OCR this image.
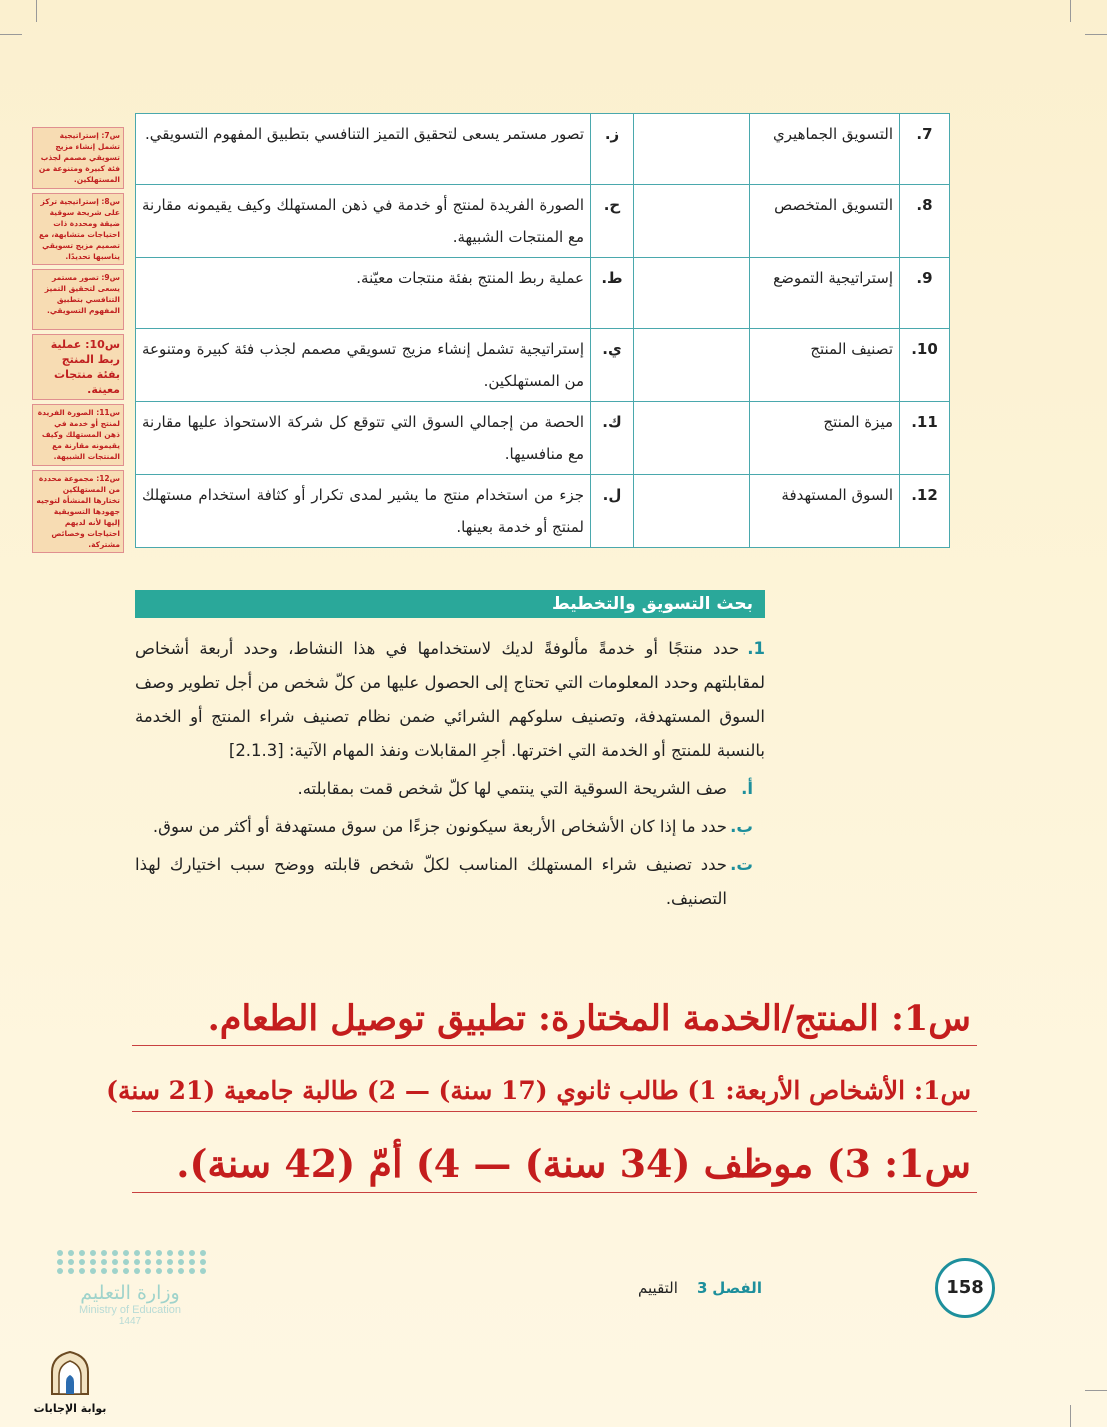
7.	التسويق الجماهيري		ز.	تصور مستمر يسعى لتحقيق التميز التنافسي بتطبيق المفهوم التسويقي.
8.	التسويق المتخصص		ح.	الصورة الفريدة لمنتج أو خدمة في ذهن المستهلك وكيف يقيمونه مقارنة مع المنتجات الشبيهة.
9.	إستراتيجية التموضع		ط.	عملية ربط المنتج بفئة منتجات معيّنة.
10.	تصنيف المنتج		ي.	إستراتيجية تشمل إنشاء مزيج تسويقي مصمم لجذب فئة كبيرة ومتنوعة من المستهلكين.
11.	ميزة المنتج		ك.	الحصة من إجمالي السوق التي تتوقع كل شركة الاستحواذ عليها مقارنة مع منافسيها.
12.	السوق المستهدفة		ل.	جزء من استخدام منتج ما يشير لمدى تكرار أو كثافة استخدام مستهلك لمنتج أو خدمة بعينها.
س7: إستراتيجية تشمل إنشاء مزيج تسويقي مصمم لجذب فئة كبيرة ومتنوعة من المستهلكين.
س8: إستراتيجية تركز على شريحة سوقية ضيقة ومحددة ذات احتياجات متشابهة، مع تصميم مزيج تسويقي يناسبها تحديدًا.
س9: تصور مستمر يسعى لتحقيق التميز التنافسي بتطبيق المفهوم التسويقي.
س10: عملية ربط المنتج بفئة منتجات معينة.
س11: الصورة الفريدة لمنتج أو خدمة في ذهن المستهلك وكيف يقيمونه مقارنة مع المنتجات الشبيهة.
س12: مجموعة محددة من المستهلكين تختارها المنشأة لتوجيه جهودها التسويقية إليها لأنه لديهم احتياجات وخصائص مشتركة.
بحث التسويق والتخطيط
1.حدد منتجًا أو خدمةً مألوفةً لديك لاستخدامها في هذا النشاط، وحدد أربعة أشخاص لمقابلتهم وحدد المعلومات التي تحتاج إلى الحصول عليها من كلّ شخص من أجل تطوير وصف السوق المستهدفة، وتصنيف سلوكهم الشرائي ضمن نظام تصنيف شراء المنتج أو الخدمة بالنسبة للمنتج أو الخدمة التي اخترتها. أجرِ المقابلات ونفذ المهام الآتية: [2.1.3]
أ.
صف الشريحة السوقية التي ينتمي لها كلّ شخص قمت بمقابلته.
ب.
حدد ما إذا كان الأشخاص الأربعة سيكونون جزءًا من سوق مستهدفة أو أكثر من سوق.
ت.
حدد تصنيف شراء المستهلك المناسب لكلّ شخص قابلته ووضح سبب اختيارك لهذا التصنيف.
س1: المنتج/الخدمة المختارة: تطبيق توصيل الطعام.
س1: الأشخاص الأربعة: 1) طالب ثانوي (17 سنة) — 2) طالبة جامعية (21 سنة)
س1: 3) موظف (34 سنة) — 4) أمّ (42 سنة).
158
الفصل 3    التقييم
وزارة التعليم
Ministry of Education
1447
بوابة الإجابات
